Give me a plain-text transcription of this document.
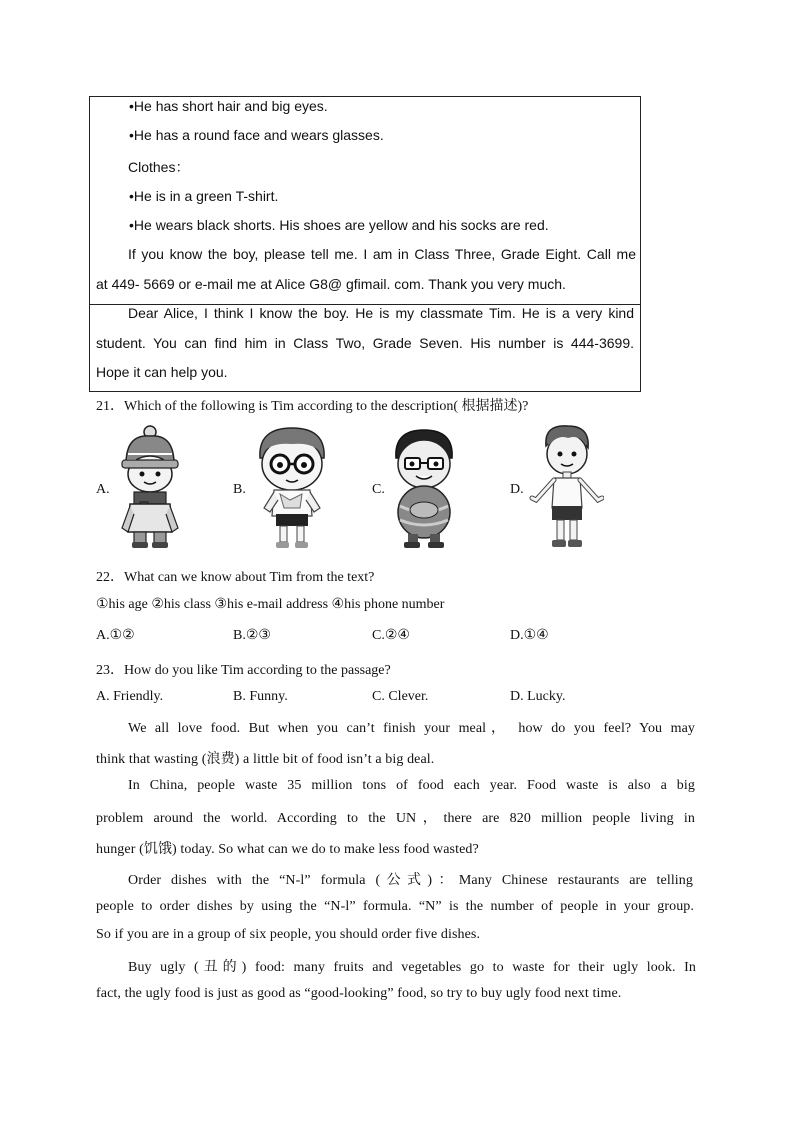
•He has short hair and big eyes.
•He has a round face and wears glasses.
Clothes：
•He is in a green T-shirt.
•He wears black shorts. His shoes are yellow and his socks are red.
If you know the boy, please tell me. I am in Class Three, Grade Eight. Call me
at 449- 5669 or e-mail me at Alice G8@ gfimail. com. Thank you very much.
Dear Alice, I think I know the boy. He is my classmate Tim. He is a very kind
student. You can find him in Class Two, Grade Seven. His number is 444-3699.
Hope it can help you.
21．Which of the following is Tim according to the description( 根据描述)?
A.	B.	C.	D.
22．What can we know about Tim from the text?
①his age ②his class ③his e-mail address ④his phone number
A.①②	B.②③	C.②④	D.①④
23．How do you like Tim according to the passage?
A. Friendly.	B. Funny.	C. Clever.	D. Lucky.
We all love food. But when you can’t finish your meal， how do you feel? You may
think that wasting (浪费) a little bit of food isn’t a big deal.
In China, people waste 35 million tons of food each year. Food waste is also a big
problem around the world. According to the UN，there are 820 million people living in
hunger (饥饿) today. So what can we do to make less food wasted?
Order dishes with the “N-l” formula (公式)：Many Chinese restaurants are telling
people to order dishes by using the “N-l” formula. “N” is the number of people in your group.
So if you are in a group of six people, you should order five dishes.
Buy ugly (丑的) food: many fruits and vegetables go to waste for their ugly look. In
fact, the ugly food is just as good as “good-looking” food, so try to buy ugly food next time.
